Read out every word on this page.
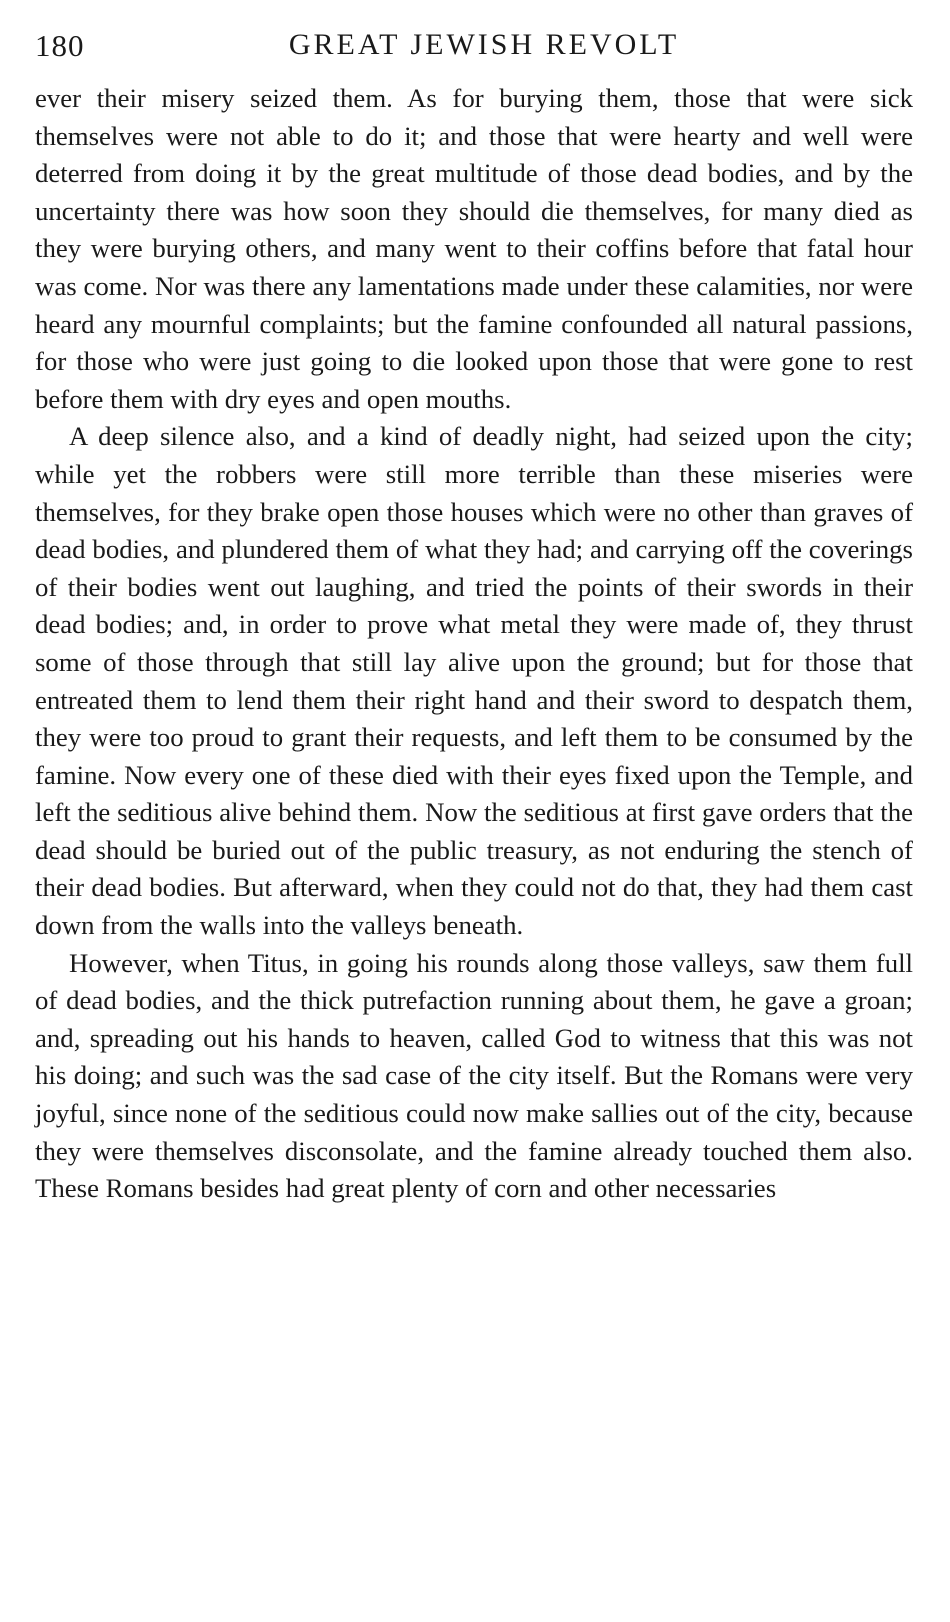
180	GREAT JEWISH REVOLT

ever their misery seized them. As for burying them, those that were sick themselves were not able to do it; and those that were hearty and well were deterred from doing it by the great multitude of those dead bodies, and by the uncertainty there was how soon they should die themselves, for many died as they were burying others, and many went to their coffins before that fatal hour was come. Nor was there any lamentations made under these calamities, nor were heard any mournful complaints; but the famine confounded all natural passions, for those who were just going to die looked upon those that were gone to rest before them with dry eyes and open mouths.

A deep silence also, and a kind of deadly night, had seized upon the city; while yet the robbers were still more terrible than these miseries were themselves, for they brake open those houses which were no other than graves of dead bodies, and plundered them of what they had; and carrying off the coverings of their bodies went out laughing, and tried the points of their swords in their dead bodies; and, in order to prove what metal they were made of, they thrust some of those through that still lay alive upon the ground; but for those that entreated them to lend them their right hand and their sword to despatch them, they were too proud to grant their requests, and left them to be consumed by the famine. Now every one of these died with their eyes fixed upon the Temple, and left the seditious alive behind them. Now the seditious at first gave orders that the dead should be buried out of the public treasury, as not enduring the stench of their dead bodies. But afterward, when they could not do that, they had them cast down from the walls into the valleys beneath.

However, when Titus, in going his rounds along those valleys, saw them full of dead bodies, and the thick putrefaction running about them, he gave a groan; and, spreading out his hands to heaven, called God to witness that this was not his doing; and such was the sad case of the city itself. But the Romans were very joyful, since none of the seditious could now make sallies out of the city, because they were themselves disconsolate, and the famine already touched them also. These Romans besides had great plenty of corn and other necessaries
